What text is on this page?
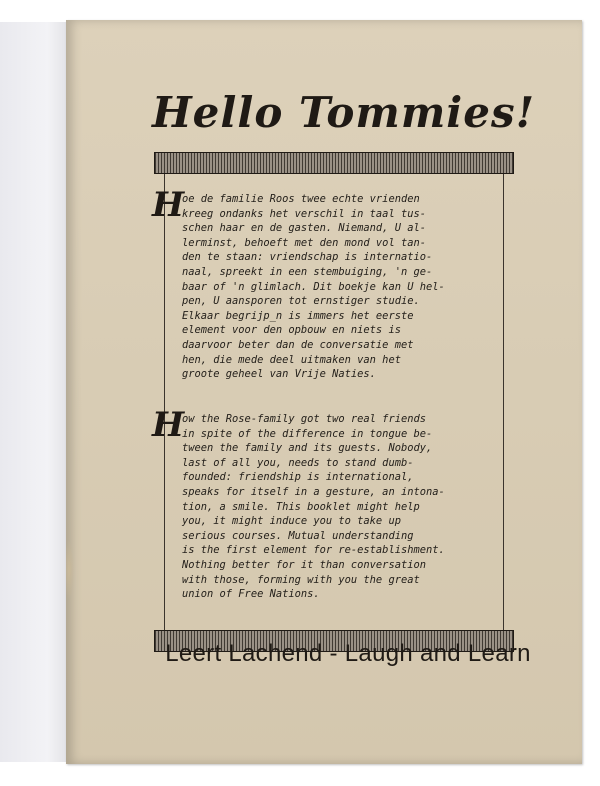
Hello Tommies!
H
oe de familie Roos twee echte vrienden
kreeg ondanks het verschil in taal tus-
schen haar en de gasten. Niemand, U al-
lerminst, behoeft met den mond vol tan-
den te staan: vriendschap is internatio-
naal, spreekt in een stembuiging, 'n ge-
baar of 'n glimlach. Dit boekje kan U hel-
pen, U aansporen tot ernstiger studie.
Elkaar begrijp_n is immers het eerste
element voor den opbouw en niets is
daarvoor beter dan de conversatie met
hen, die mede deel uitmaken van het
groote geheel van Vrije Naties.
H
ow the Rose-family got two real friends
in spite of the difference in tongue be-
tween the family and its guests. Nobody,
last of all you, needs to stand dumb-
founded: friendship is international,
speaks for itself in a gesture, an intona-
tion, a smile. This booklet might help
you, it might induce you to take up
serious courses. Mutual understanding
is the first element for re-establishment.
Nothing better for it than conversation
with those, forming with you the great
union of Free Nations.

Leert Lachend - Laugh and Learn
